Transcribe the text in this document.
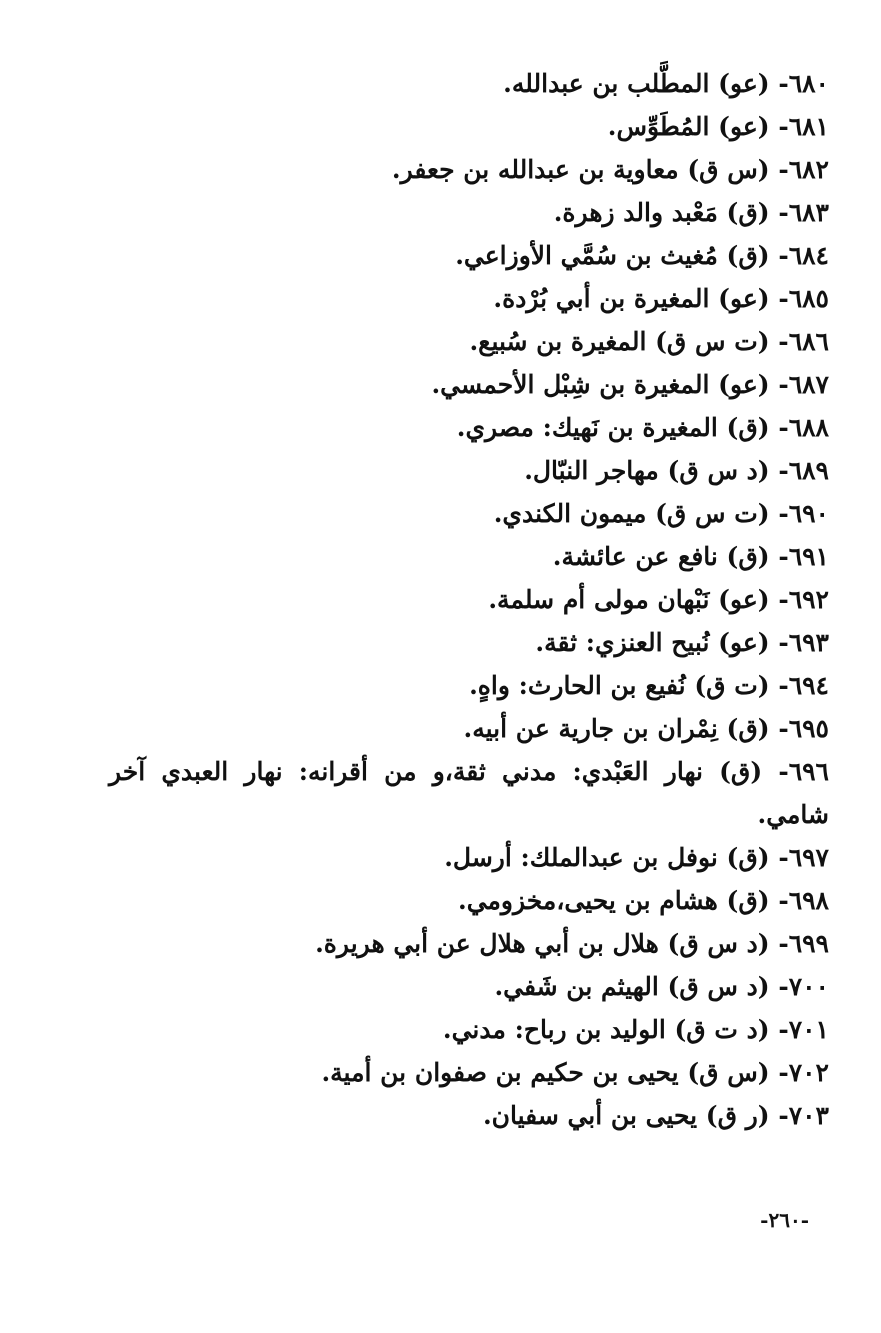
٦٨٠- (عو) المطَّلب بن عبدالله.

٦٨١- (عو) المُطَوِّس.

٦٨٢- (س ق) معاوية بن عبدالله بن جعفر.

٦٨٣- (ق) مَعْبد والد زهرة.

٦٨٤- (ق) مُغيث بن سُمَّي الأوزاعي.

٦٨٥- (عو) المغيرة بن أبي بُرْدة.

٦٨٦- (ت س ق) المغيرة بن سُبيع.

٦٨٧- (عو) المغيرة بن شِبْل الأحمسي.

٦٨٨- (ق) المغيرة بن نَهيك: مصري.

٦٨٩- (د س ق) مهاجر النبّال.

٦٩٠- (ت س ق) ميمون الكندي.

٦٩١- (ق) نافع عن عائشة.

٦٩٢- (عو) نَبْهان مولى أم سلمة.

٦٩٣- (عو) نُبيح العنزي: ثقة.

٦٩٤- (ت ق) نُفيع بن الحارث: واهٍ.

٦٩٥- (ق) نِمْران بن جارية عن أبيه.

٦٩٦- (ق) نهار العَبْدي: مدني ثقة،و من أقرانه: نهار العبدي آخر شامي.

٦٩٧- (ق) نوفل بن عبدالملك: أرسل.

٦٩٨- (ق) هشام بن يحيى،مخزومي.

٦٩٩- (د س ق) هلال بن أبي هلال عن أبي هريرة.

٧٠٠- (د س ق) الهيثم بن شَفي.

٧٠١- (د ت ق) الوليد بن رباح: مدني.

٧٠٢- (س ق) يحيى بن حكيم بن صفوان بن أمية.

٧٠٣- (ر ق) يحيى بن أبي سفيان.

-٢٦٠-
